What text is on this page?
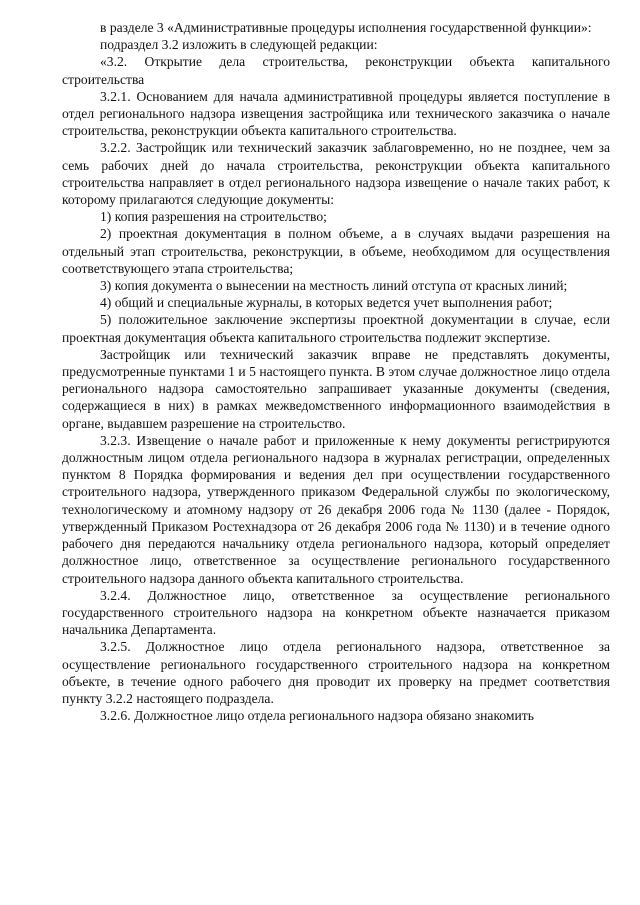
в разделе 3 «Административные процедуры исполнения государственной функции»:

подраздел 3.2 изложить в следующей редакции:

«3.2. Открытие дела строительства, реконструкции объекта капитального строительства

3.2.1. Основанием для начала административной процедуры является поступление в отдел регионального надзора извещения застройщика или технического заказчика о начале строительства, реконструкции объекта капитального строительства.

3.2.2. Застройщик или технический заказчик заблаговременно, но не позднее, чем за семь рабочих дней до начала строительства, реконструкции объекта капитального строительства направляет в отдел регионального надзора извещение о начале таких работ, к которому прилагаются следующие документы:

1) копия разрешения на строительство;

2) проектная документация в полном объеме, а в случаях выдачи разрешения на отдельный этап строительства, реконструкции, в объеме, необходимом для осуществления соответствующего этапа строительства;

3) копия документа о вынесении на местность линий отступа от красных линий;

4) общий и специальные журналы, в которых ведется учет выполнения работ;

5) положительное заключение экспертизы проектной документации в случае, если проектная документация объекта капитального строительства подлежит экспертизе.

Застройщик или технический заказчик вправе не представлять документы, предусмотренные пунктами 1 и 5 настоящего пункта. В этом случае должностное лицо отдела регионального надзора самостоятельно запрашивает указанные документы (сведения, содержащиеся в них) в рамках межведомственного информационного взаимодействия в органе, выдавшем разрешение на строительство.

3.2.3. Извещение о начале работ и приложенные к нему документы регистрируются должностным лицом отдела регионального надзора в журналах регистрации, определенных пунктом 8 Порядка формирования и ведения дел при осуществлении государственного строительного надзора, утвержденного приказом Федеральной службы по экологическому, технологическому и атомному надзору от 26 декабря 2006 года № 1130 (далее - Порядок, утвержденный Приказом Ростехнадзора от 26 декабря 2006 года № 1130) и в течение одного рабочего дня передаются начальнику отдела регионального надзора, который определяет должностное лицо, ответственное за осуществление регионального государственного строительного надзора данного объекта капитального строительства.

3.2.4. Должностное лицо, ответственное за осуществление регионального государственного строительного надзора на конкретном объекте назначается приказом начальника Департамента.

3.2.5. Должностное лицо отдела регионального надзора, ответственное за осуществление регионального государственного строительного надзора на конкретном объекте, в течение одного рабочего дня проводит их проверку на предмет соответствия пункту 3.2.2 настоящего подраздела.

3.2.6. Должностное лицо отдела регионального надзора обязано знакомить
